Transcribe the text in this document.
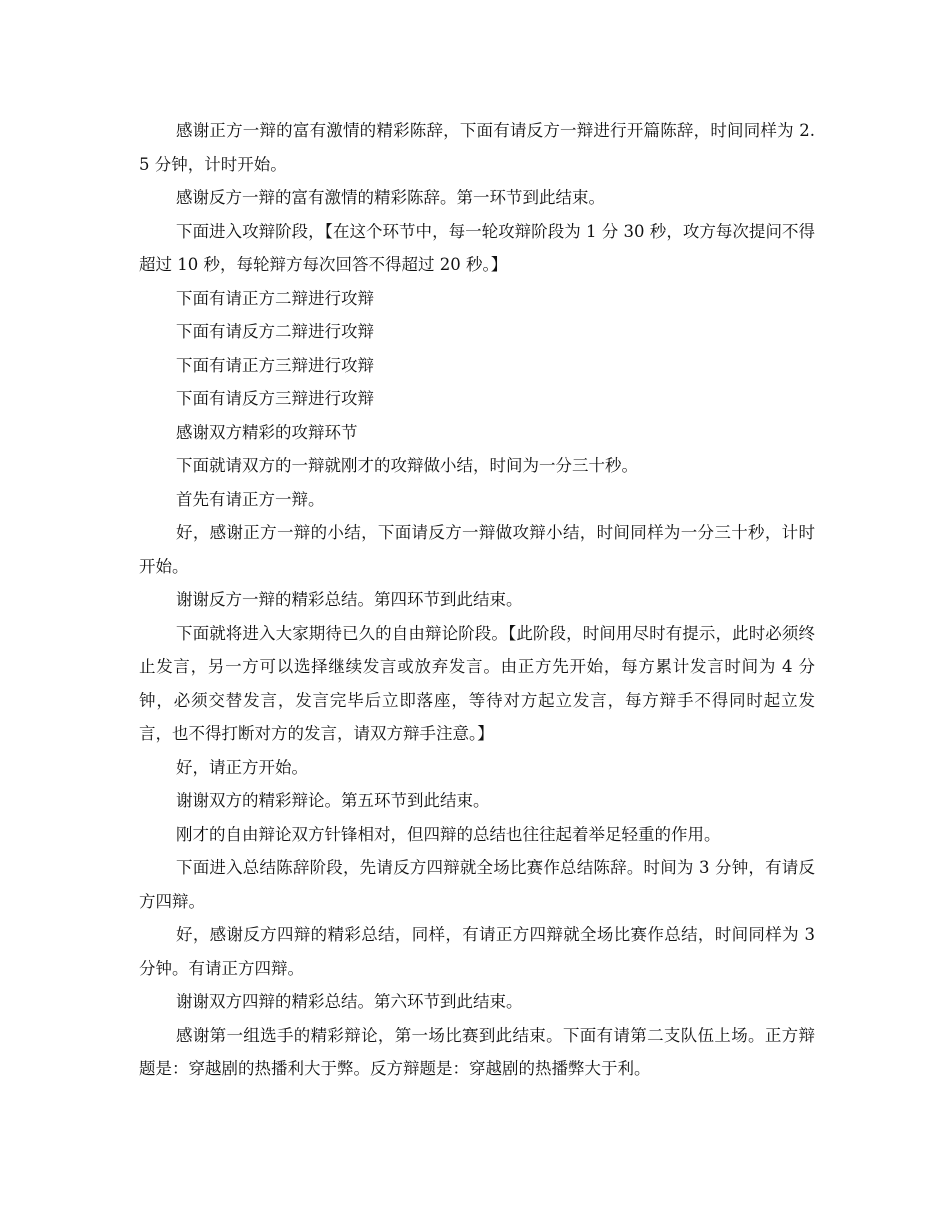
感谢正方一辩的富有激情的精彩陈辞，下面有请反方一辩进行开篇陈辞，时间同样为 2.5 分钟，计时开始。

感谢反方一辩的富有激情的精彩陈辞。第一环节到此结束。

下面进入攻辩阶段，【在这个环节中，每一轮攻辩阶段为 1 分 30 秒，攻方每次提问不得超过 10 秒，每轮辩方每次回答不得超过 20 秒。】

下面有请正方二辩进行攻辩

下面有请反方二辩进行攻辩

下面有请正方三辩进行攻辩

下面有请反方三辩进行攻辩

感谢双方精彩的攻辩环节

下面就请双方的一辩就刚才的攻辩做小结，时间为一分三十秒。

首先有请正方一辩。

好，感谢正方一辩的小结，下面请反方一辩做攻辩小结，时间同样为一分三十秒，计时开始。

谢谢反方一辩的精彩总结。第四环节到此结束。

下面就将进入大家期待已久的自由辩论阶段。【此阶段，时间用尽时有提示，此时必须终止发言，另一方可以选择继续发言或放弃发言。由正方先开始，每方累计发言时间为 4 分钟，必须交替发言，发言完毕后立即落座，等待对方起立发言，每方辩手不得同时起立发言，也不得打断对方的发言，请双方辩手注意。】

好，请正方开始。

谢谢双方的精彩辩论。第五环节到此结束。

刚才的自由辩论双方针锋相对，但四辩的总结也往往起着举足轻重的作用。

下面进入总结陈辞阶段，先请反方四辩就全场比赛作总结陈辞。时间为 3 分钟，有请反方四辩。

好，感谢反方四辩的精彩总结，同样，有请正方四辩就全场比赛作总结，时间同样为 3 分钟。有请正方四辩。

谢谢双方四辩的精彩总结。第六环节到此结束。

感谢第一组选手的精彩辩论，第一场比赛到此结束。下面有请第二支队伍上场。正方辩题是：穿越剧的热播利大于弊。反方辩题是：穿越剧的热播弊大于利。
